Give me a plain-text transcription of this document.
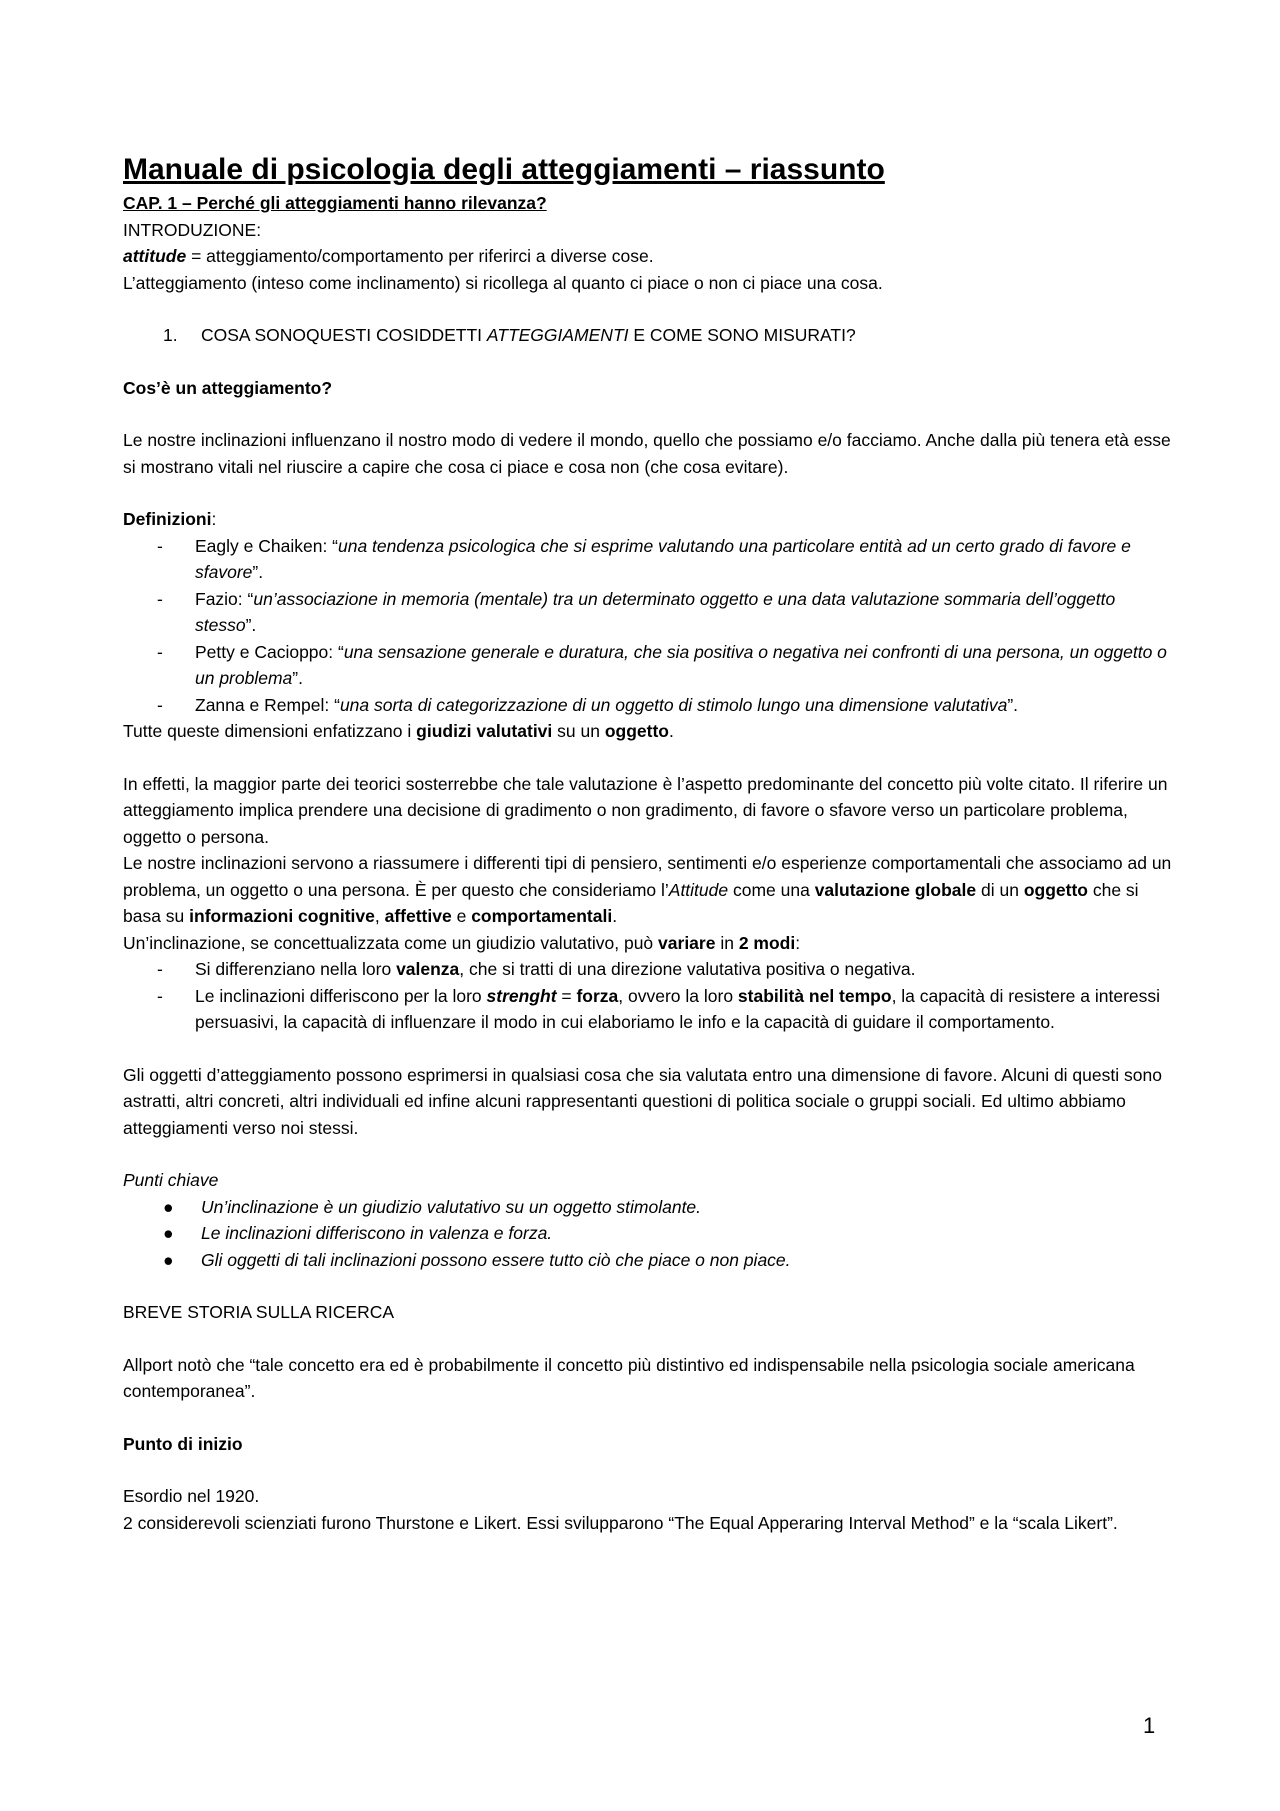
Manuale di psicologia degli atteggiamenti – riassunto

CAP. 1 – Perché gli atteggiamenti hanno rilevanza?

INTRODUZIONE:

attitude = atteggiamento/comportamento per riferirci a diverse cose.

L’atteggiamento (inteso come inclinamento) si ricollega al quanto ci piace o non ci piace una cosa.

1.	COSA SONOQUESTI COSIDDETTI ATTEGGIAMENTI E COME SONO MISURATI?

Cos’è un atteggiamento?

Le nostre inclinazioni influenzano il nostro modo di vedere il mondo, quello che possiamo e/o facciamo. Anche dalla più tenera età esse si mostrano vitali nel riuscire a capire che cosa ci piace e cosa non (che cosa evitare).

Definizioni:

-	Eagly e Chaiken: “una tendenza psicologica che si esprime valutando una particolare entità ad un certo grado di favore e sfavore”.
-	Fazio: “un’associazione in memoria (mentale) tra un determinato oggetto e una data valutazione sommaria dell’oggetto stesso”.
-	Petty e Cacioppo: “una sensazione generale e duratura, che sia positiva o negativa nei confronti di una persona, un oggetto o un problema”.
-	Zanna e Rempel: “una sorta di categorizzazione di un oggetto di stimolo lungo una dimensione valutativa”.

Tutte queste dimensioni enfatizzano i giudizi valutativi su un oggetto.

In effetti, la maggior parte dei teorici sosterrebbe che tale valutazione è l’aspetto predominante del concetto più volte citato. Il riferire un atteggiamento implica prendere una decisione di gradimento o non gradimento, di favore o sfavore verso un particolare problema, oggetto o persona.

Le nostre inclinazioni servono a riassumere i differenti tipi di pensiero, sentimenti e/o esperienze comportamentali che associamo ad un problema, un oggetto o una persona. È per questo che consideriamo l’Attitude come una valutazione globale di un oggetto che si basa su informazioni cognitive, affettive e comportamentali.

Un’inclinazione, se concettualizzata come un giudizio valutativo, può variare in 2 modi:

-	Si differenziano nella loro valenza, che si tratti di una direzione valutativa positiva o negativa.
-	Le inclinazioni differiscono per la loro strenght = forza, ovvero la loro stabilità nel tempo, la capacità di resistere a interessi persuasivi, la capacità di influenzare il modo in cui elaboriamo le info e la capacità di guidare il comportamento.

Gli oggetti d’atteggiamento possono esprimersi in qualsiasi cosa che sia valutata entro una dimensione di favore. Alcuni di questi sono astratti, altri concreti, altri individuali ed infine alcuni rappresentanti questioni di politica sociale o gruppi sociali. Ed ultimo abbiamo atteggiamenti verso noi stessi.

Punti chiave

●	Un’inclinazione è un giudizio valutativo su un oggetto stimolante.
●	Le inclinazioni differiscono in valenza e forza.
●	Gli oggetti di tali inclinazioni possono essere tutto ciò che piace o non piace.

BREVE STORIA SULLA RICERCA

Allport notò che “tale concetto era ed è probabilmente il concetto più distintivo ed indispensabile nella psicologia sociale americana contemporanea”.

Punto di inizio

Esordio nel 1920.

2 considerevoli scienziati furono Thurstone e Likert. Essi svilupparono “The Equal Apperaring Interval Method” e la “scala Likert”.

1
